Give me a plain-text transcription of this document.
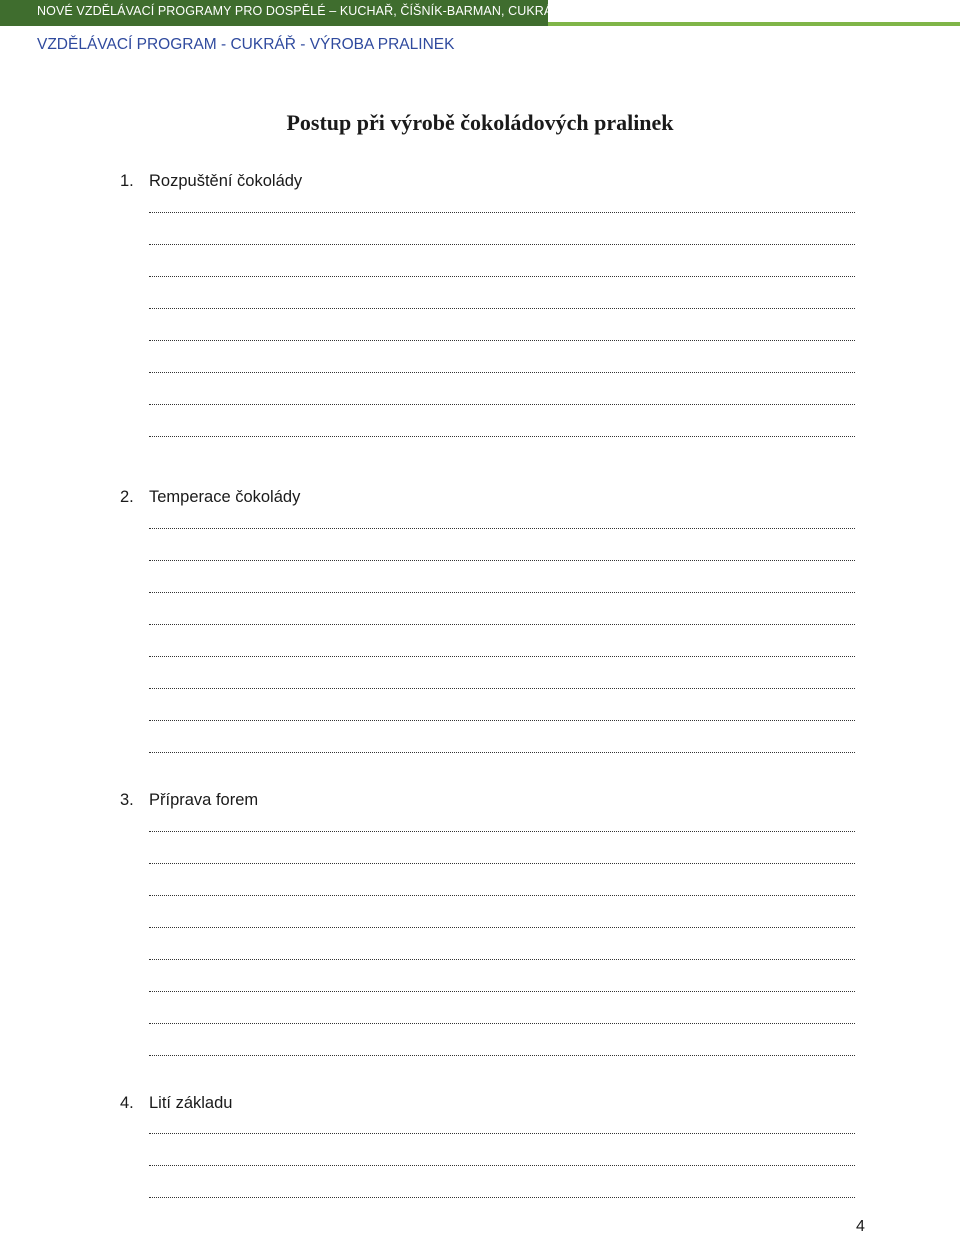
NOVÉ VZDĚLÁVACÍ PROGRAMY PRO DOSPĚLÉ – KUCHAŘ, ČÍŠNÍK-BARMAN, CUKRÁŘ A PEKAŘ
VZDĚLÁVACÍ PROGRAM - CUKRÁŘ - VÝROBA PRALINEK
Postup při výrobě čokoládových pralinek
1. Rozpuštění čokolády
2. Temperace čokolády
3. Příprava forem
4. Lití základu
4
